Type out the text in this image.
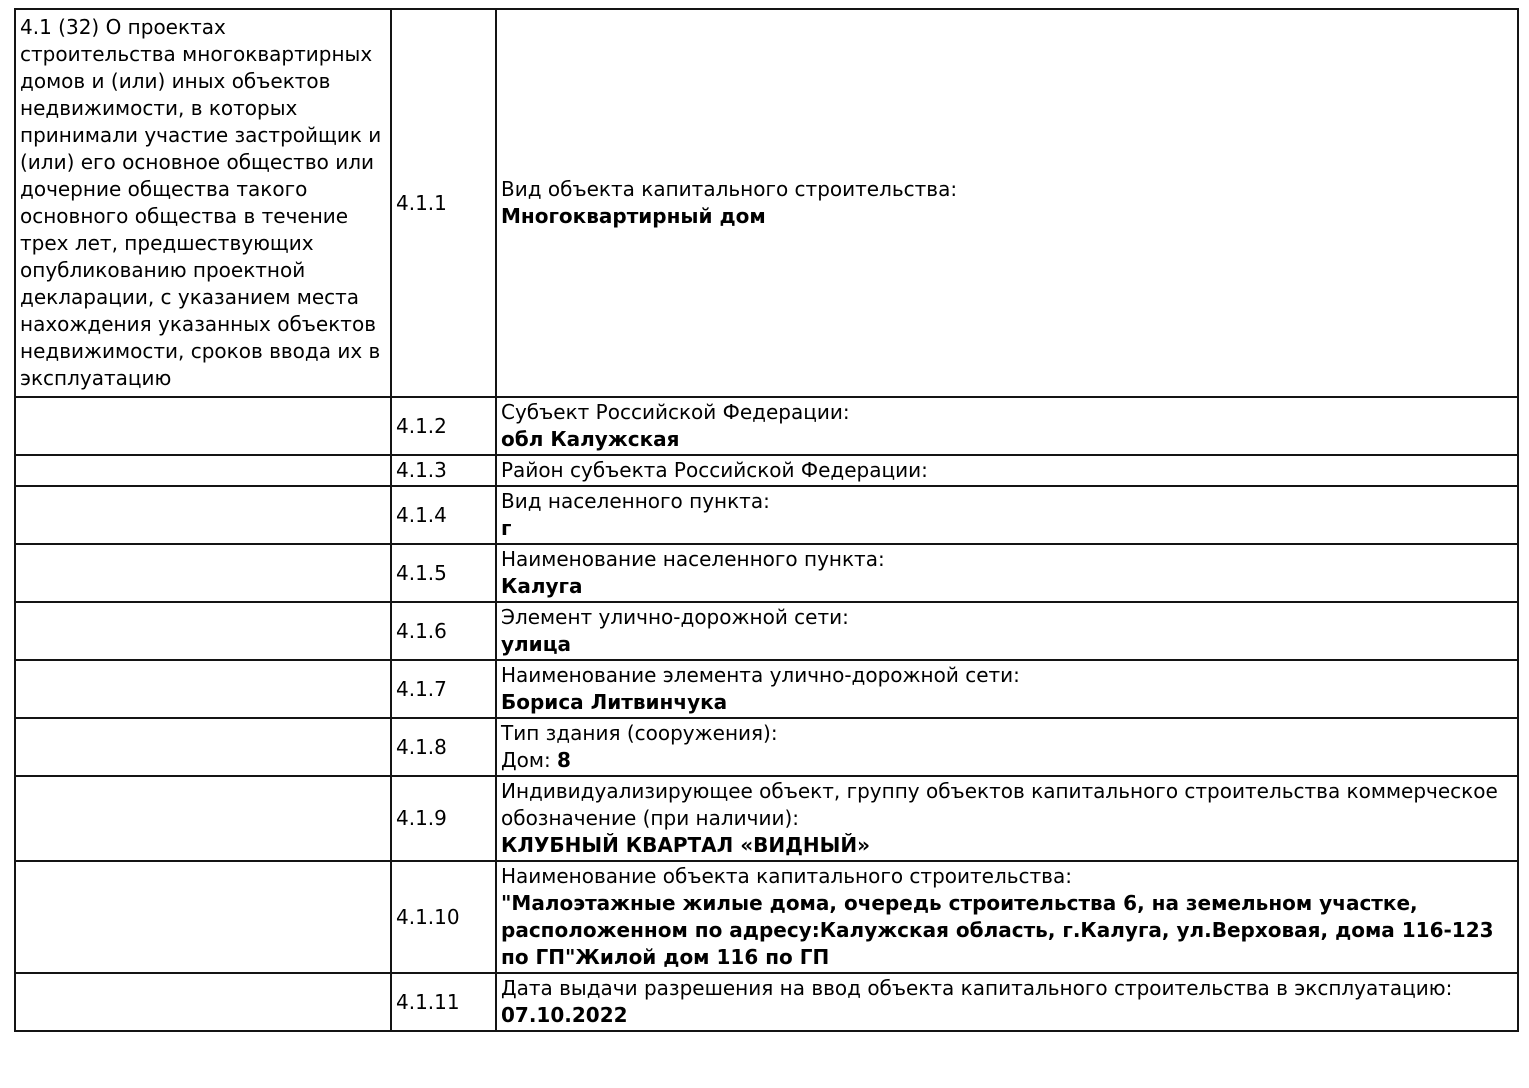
4.1 (32) О проектах строительства многоквартирных домов и (или) иных объектов недвижимости, в которых принимали участие застройщик и (или) его основное общество или дочерние общества такого основного общества в течение трех лет, предшествующих опубликованию проектной декларации, с указанием места нахождения указанных объектов недвижимости, сроков ввода их в эксплуатацию	4.1.1	Вид объекта капитального строительства:
Многоквартирный дом

	4.1.2	Субъект Российской Федерации:
обл Калужская

	4.1.3	Район субъекта Российской Федерации:

	4.1.4	Вид населенного пункта:
г

	4.1.5	Наименование населенного пункта:
Калуга

	4.1.6	Элемент улично-дорожной сети:
улица

	4.1.7	Наименование элемента улично-дорожной сети:
Бориса Литвинчука

	4.1.8	Тип здания (сооружения):
Дом: 8

	4.1.9	Индивидуализирующее объект, группу объектов капитального строительства коммерческое обозначение (при наличии):
КЛУБНЫЙ КВАРТАЛ «ВИДНЫЙ»

	4.1.10	Наименование объекта капитального строительства:
"Малоэтажные жилые дома, очередь строительства 6, на земельном участке, расположенном по адресу:Калужская область, г.Калуга, ул.Верховая, дома 116-123 по ГП"Жилой дом 116 по ГП

	4.1.11	Дата выдачи разрешения на ввод объекта капитального строительства в эксплуатацию:
07.10.2022
